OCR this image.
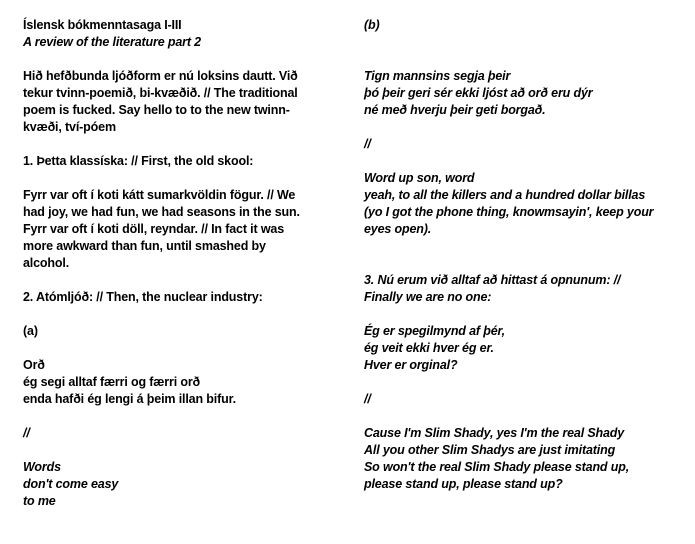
Íslensk bókmenntasaga I-III
A review of the literature part 2

Hið hefðbunda ljóðform er nú loksins dautt. Við
tekur tvinn-poemið, bi-kvæðið. // The traditional
poem is fucked. Say hello to to the new twinn-
kvæði, tví-póem

1. Þetta klassíska: // First, the old skool:

Fyrr var oft í koti kátt sumarkvöldin fögur. // We
had joy, we had fun, we had seasons in the sun.
Fyrr var oft í koti döll, reyndar. // In fact it was
more awkward than fun, until smashed by
alcohol.

2. Atómljóð: // Then, the nuclear industry:

(a)

Orð
ég segi alltaf færri og færri orð
enda hafði ég lengi á þeim illan bifur.

//

Words
don't come easy
to me

(b)

Tign mannsins segja þeir
þó þeir geri sér ekki ljóst að orð eru dýr
né með hverju þeir geti borgað.

//

Word up son, word
yeah, to all the killers and a hundred dollar billas
(yo I got the phone thing, knowmsayin', keep your
eyes open).

3. Nú erum við alltaf að hittast á opnunum: //
Finally we are no one:

Ég er spegilmynd af þér,
ég veit ekki hver ég er.
Hver er orginal?

//

Cause I'm Slim Shady, yes I'm the real Shady
All you other Slim Shadys are just imitating
So won't the real Slim Shady please stand up,
please stand up, please stand up?
